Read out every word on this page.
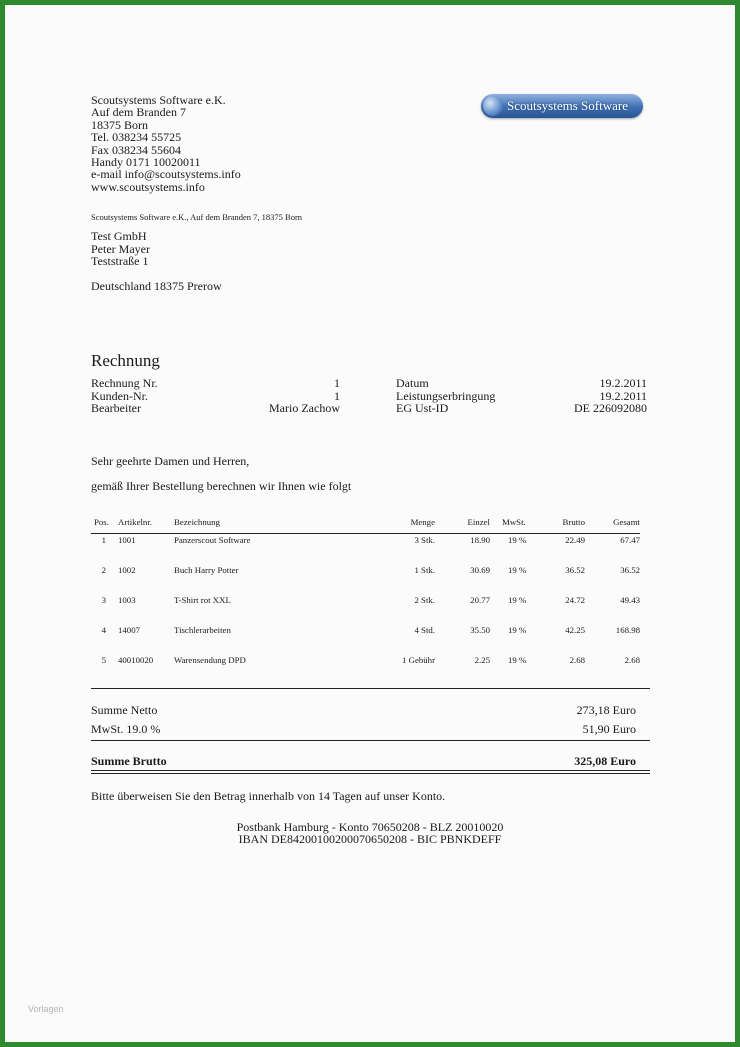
Scoutsystems Software e.K.
Auf dem Branden 7
18375 Born
Tel. 038234 55725
Fax 038234 55604
Handy 0171 10020011
e-mail info@scoutsystems.info
www.scoutsystems.info
Scoutsystems Software
Scoutsystems Software e.K., Auf dem Branden 7, 18375 Born
Test GmbH
Peter Mayer
Teststraße 1
Deutschland 18375 Prerow
Rechnung
Rechnung Nr.	1
Kunden-Nr.	1
Bearbeiter	Mario Zachow
Datum	19.2.2011
Leistungserbringung	19.2.2011
EG Ust-ID	DE 226092080
Sehr geehrte Damen und Herren,
gemäß Ihrer Bestellung berechnen wir Ihnen wie folgt
Pos. Artikelnr.	Bezeichnung	Menge	Einzel MwSt.	Brutto	Gesamt
1 1001	Panzerscout Software	3 Stk.	18.90 19 %	22.49	67.47
2 1002	Buch Harry Potter	1 Stk.	30.69 19 %	36.52	36.52
3 1003	T-Shirt rot XXL	2 Stk.	20.77 19 %	24.72	49.43
4 14007	Tischlerarbeiten	4 Std.	35.50 19 %	42.25	168.98
5 40010020 Warensendung DPD	1 Gebühr	2.25 19 %	2.68	2.68
Summe Netto	273,18 Euro
MwSt. 19.0 %	51,90 Euro
Summe Brutto	325,08 Euro
Bitte überweisen Sie den Betrag innerhalb von 14 Tagen auf unser Konto.
Postbank Hamburg - Konto 70650208 - BLZ 20010020
IBAN DE84200100200070650208 - BIC PBNKDEFF
Vorlagen
